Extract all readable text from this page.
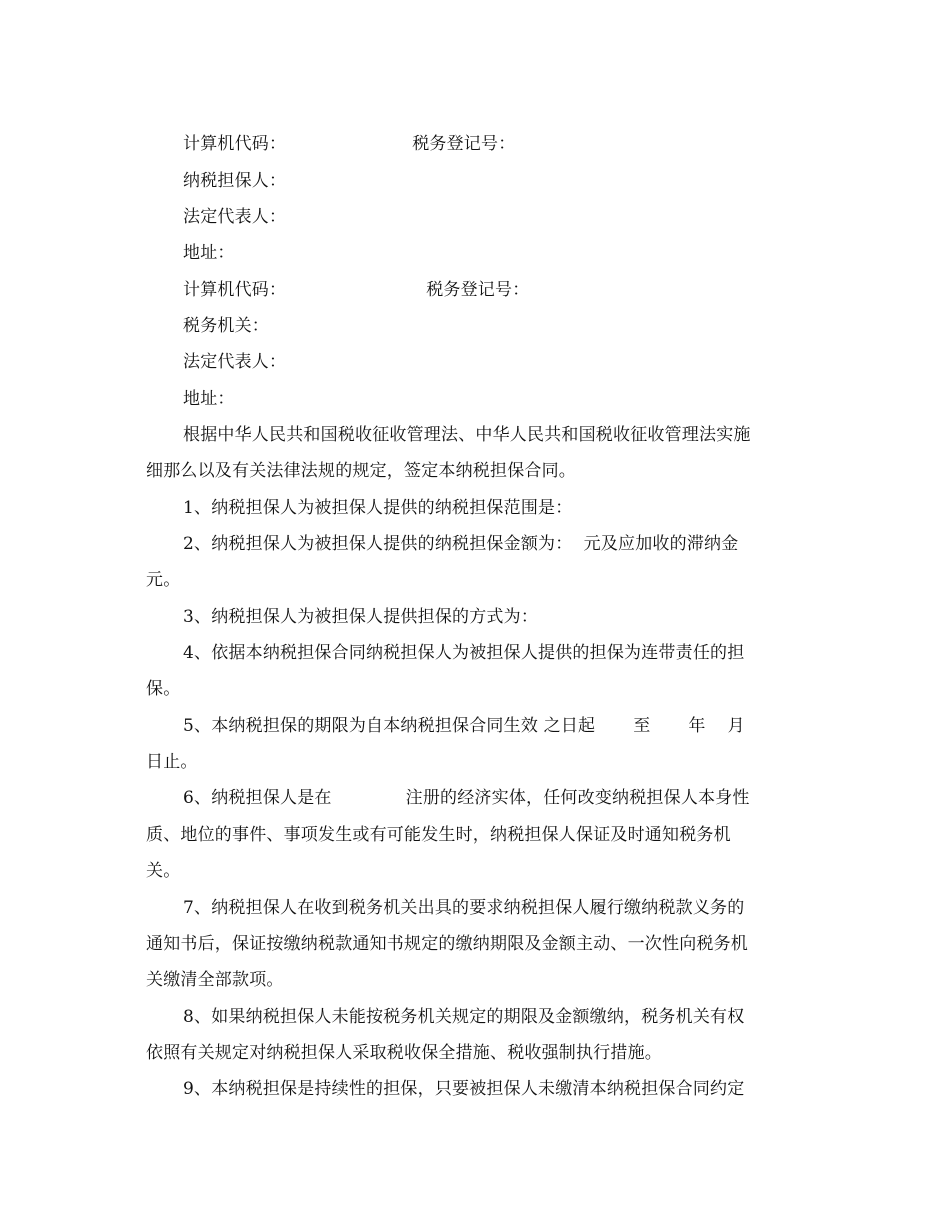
计算机代码：	税务登记号：
纳税担保人：
法定代表人：
地址：
计算机代码：	税务登记号：
税务机关：
法定代表人：
地址：
根据中华人民共和国税收征收管理法、中华人民共和国税收征收管理法实施
细那么以及有关法律法规的规定，签定本纳税担保合同。
1、纳税担保人为被担保人提供的纳税担保范围是：
2、纳税担保人为被担保人提供的纳税担保金额为：  元及应加收的滞纳金
元。
3、纳税担保人为被担保人提供担保的方式为：
4、依据本纳税担保合同纳税担保人为被担保人提供的担保为连带责任的担
保。
5、本纳税担保的期限为自本纳税担保合同生效 之日起 至 年 月
日止。
6、纳税担保人是在	注册的经济实体，任何改变纳税担保人本身性
质、地位的事件、事项发生或有可能发生时，纳税担保人保证及时通知税务机
关。
7、纳税担保人在收到税务机关出具的要求纳税担保人履行缴纳税款义务的
通知书后，保证按缴纳税款通知书规定的缴纳期限及金额主动、一次性向税务机
关缴清全部款项。
8、如果纳税担保人未能按税务机关规定的期限及金额缴纳，税务机关有权
依照有关规定对纳税担保人采取税收保全措施、税收强制执行措施。
9、本纳税担保是持续性的担保，只要被担保人未缴清本纳税担保合同约定
